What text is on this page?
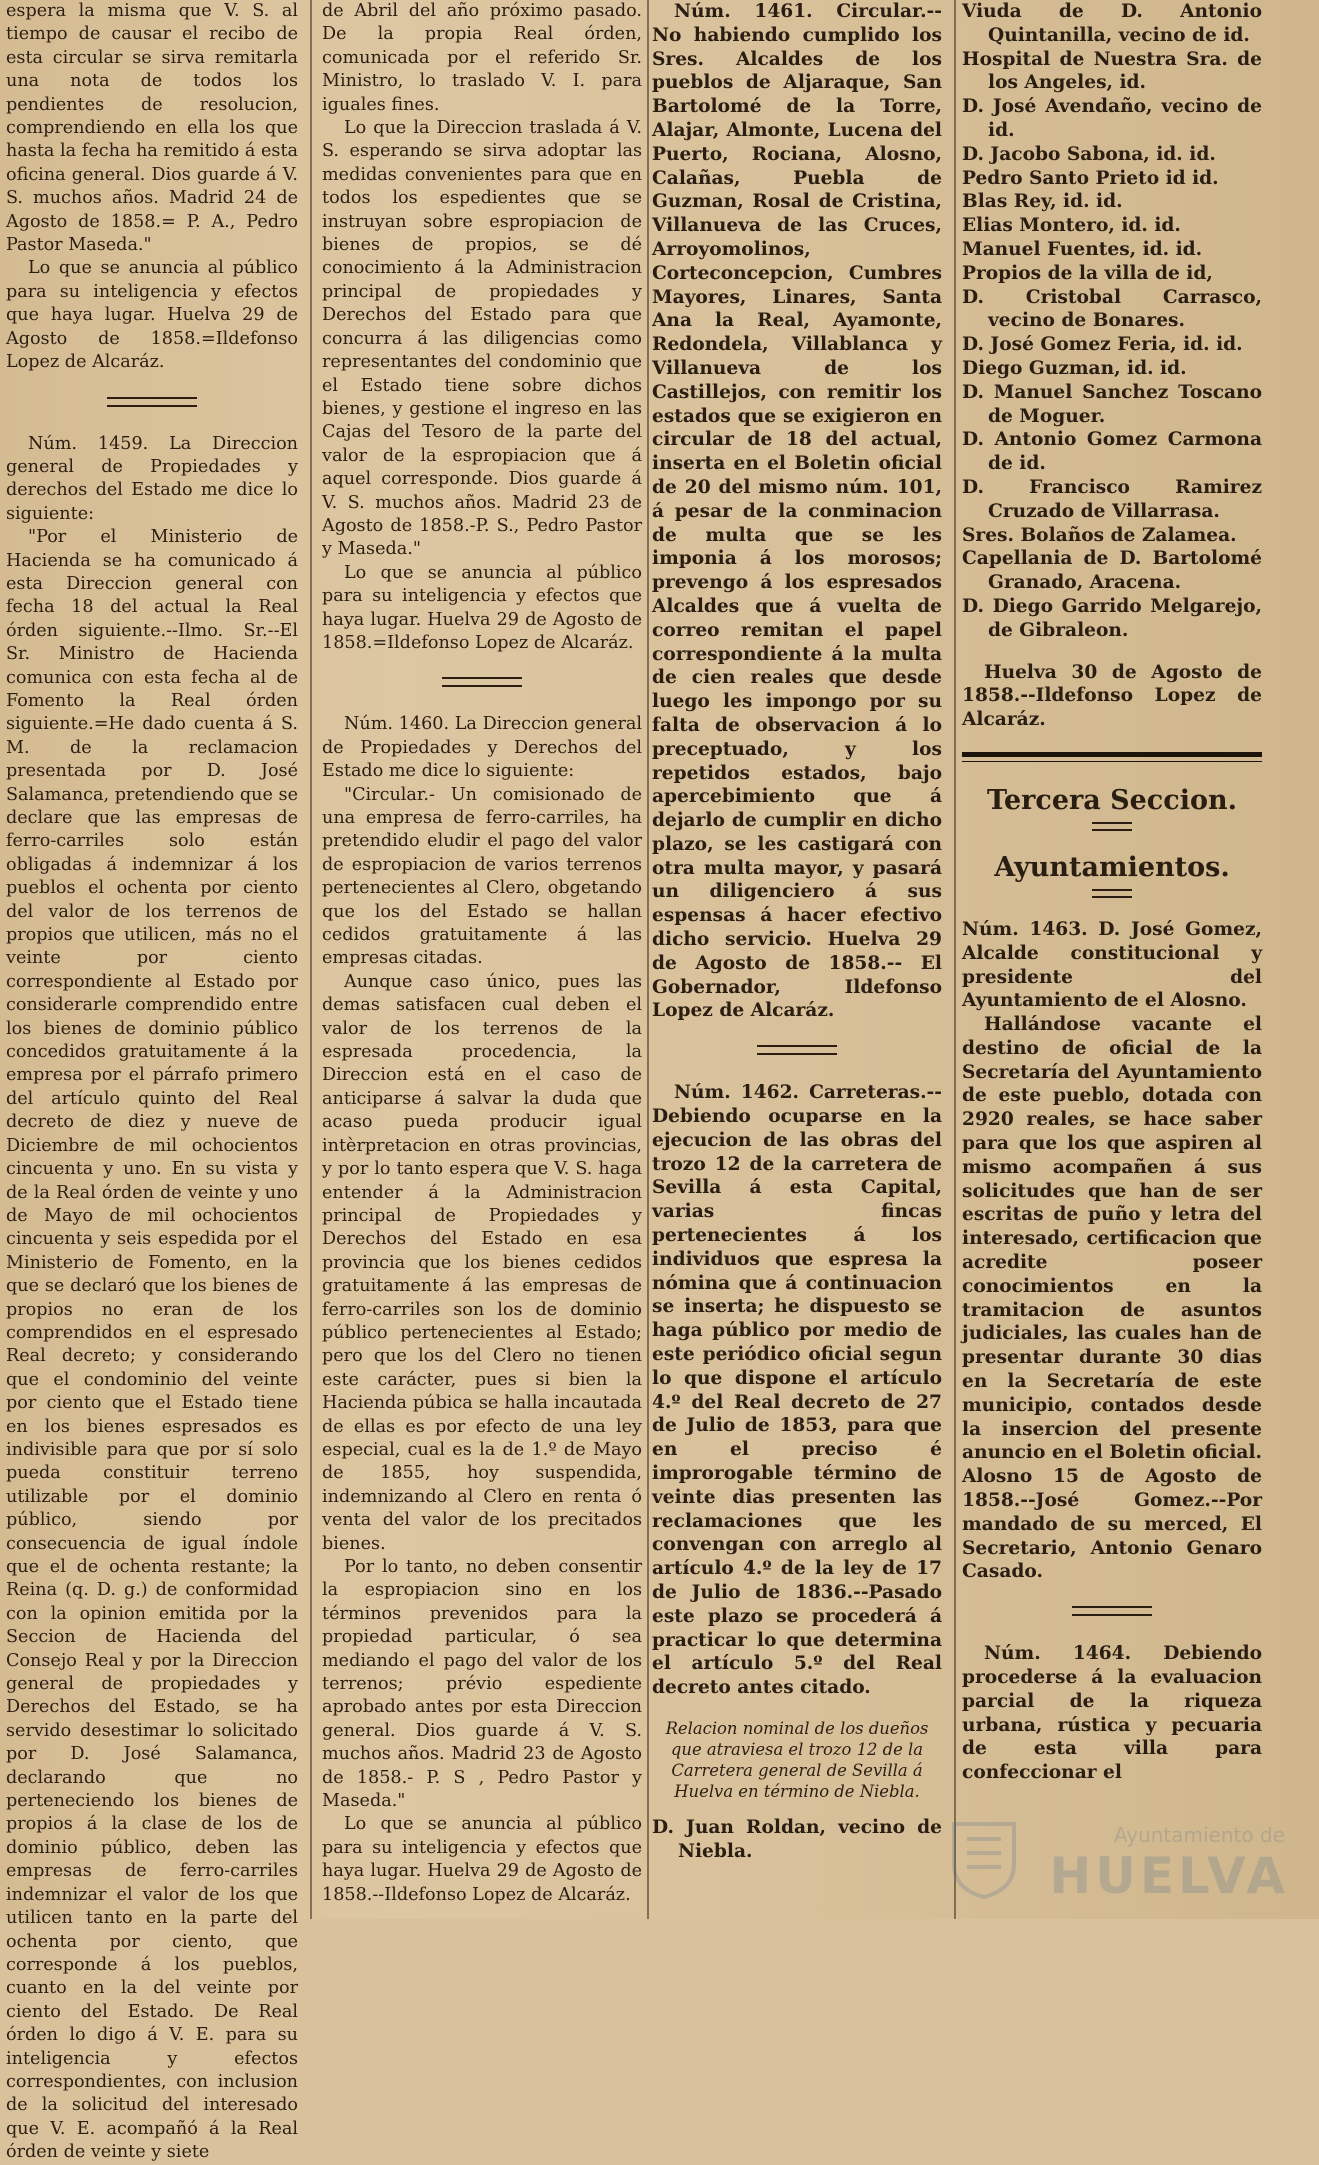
espera la misma que V. S. al tiempo de causar el recibo de esta circular se sirva remitarla una nota de todos los pendientes de resolucion, comprendiendo en ella los que hasta la fecha ha remitido á esta oficina general. Dios guarde á V. S. muchos años. Madrid 24 de Agosto de 1858.= P. A., Pedro Pastor Maseda."

Lo que se anuncia al público para su inteligencia y efectos que haya lugar. Huelva 29 de Agosto de 1858.=Ildefonso Lopez de Alcaráz.

Núm. 1459. La Direccion general de Propiedades y derechos del Estado me dice lo siguiente:

"Por el Ministerio de Hacienda se ha comunicado á esta Direccion general con fecha 18 del actual la Real órden siguiente.--Ilmo. Sr.--El Sr. Ministro de Hacienda comunica con esta fecha al de Fomento la Real órden siguiente.=He dado cuenta á S. M. de la reclamacion presentada por D. José Salamanca, pretendiendo que se declare que las empresas de ferro-carriles solo están obligadas á indemnizar á los pueblos el ochenta por ciento del valor de los terrenos de propios que utilicen, más no el veinte por ciento correspondiente al Estado por considerarle comprendido entre los bienes de dominio público concedidos gratuitamente á la empresa por el párrafo primero del artículo quinto del Real decreto de diez y nueve de Diciembre de mil ochocientos cincuenta y uno. En su vista y de la Real órden de veinte y uno de Mayo de mil ochocientos cincuenta y seis espedida por el Ministerio de Fomento, en la que se declaró que los bienes de propios no eran de los comprendidos en el espresado Real decreto; y considerando que el condominio del veinte por ciento que el Estado tiene en los bienes espresados es indivisible para que por sí solo pueda constituir terreno utilizable por el dominio público, siendo por consecuencia de igual índole que el de ochenta restante; la Reina (q. D. g.) de conformidad con la opinion emitida por la Seccion de Hacienda del Consejo Real y por la Direccion general de propiedades y Derechos del Estado, se ha servido desestimar lo solicitado por D. José Salamanca, declarando que no perteneciendo los bienes de propios á la clase de los de dominio público, deben las empresas de ferro-carriles indemnizar el valor de los que utilicen tanto en la parte del ochenta por ciento, que corresponde á los pueblos, cuanto en la del veinte por ciento del Estado. De Real órden lo digo á V. E. para su inteligencia y efectos correspondientes, con inclusion de la solicitud del interesado que V. E. acompañó á la Real órden de veinte y siete

de Abril del año próximo pasado. De la propia Real órden, comunicada por el referido Sr. Ministro, lo traslado V. I. para iguales fines.

Lo que la Direccion traslada á V. S. esperando se sirva adoptar las medidas convenientes para que en todos los espedientes que se instruyan sobre espropiacion de bienes de propios, se dé conocimiento á la Administracion principal de propiedades y Derechos del Estado para que concurra á las diligencias como representantes del condominio que el Estado tiene sobre dichos bienes, y gestione el ingreso en las Cajas del Tesoro de la parte del valor de la espropiacion que á aquel corresponde. Dios guarde á V. S. muchos años. Madrid 23 de Agosto de 1858.-P. S., Pedro Pastor y Maseda."

Lo que se anuncia al público para su inteligencia y efectos que haya lugar. Huelva 29 de Agosto de 1858.=Ildefonso Lopez de Alcaráz.

Núm. 1460. La Direccion general de Propiedades y Derechos del Estado me dice lo siguiente:

"Circular.- Un comisionado de una empresa de ferro-carriles, ha pretendido eludir el pago del valor de espropiacion de varios terrenos pertenecientes al Clero, obgetando que los del Estado se hallan cedidos gratuitamente á las empresas citadas.

Aunque caso único, pues las demas satisfacen cual deben el valor de los terrenos de la espresada procedencia, la Direccion está en el caso de anticiparse á salvar la duda que acaso pueda producir igual intèrpretacion en otras provincias, y por lo tanto espera que V. S. haga entender á la Administracion principal de Propiedades y Derechos del Estado en esa provincia que los bienes cedidos gratuitamente á las empresas de ferro-carriles son los de dominio público pertenecientes al Estado; pero que los del Clero no tienen este carácter, pues si bien la Hacienda púbica se halla incautada de ellas es por efecto de una ley especial, cual es la de 1.º de Mayo de 1855, hoy suspendida, indemnizando al Clero en renta ó venta del valor de los precitados bienes.

Por lo tanto, no deben consentir la espropiacion sino en los términos prevenidos para la propiedad particular, ó sea mediando el pago del valor de los terrenos; prévio espediente aprobado antes por esta Direccion general. Dios guarde á V. S. muchos años. Madrid 23 de Agosto de 1858.- P. S , Pedro Pastor y Maseda."

Lo que se anuncia al público para su inteligencia y efectos que haya lugar. Huelva 29 de Agosto de 1858.--Ildefonso Lopez de Alcaráz.

Núm. 1461. Circular.-- No habiendo cumplido los Sres. Alcaldes de los pueblos de Aljaraque, San Bartolomé de la Torre, Alajar, Almonte, Lucena del Puerto, Rociana, Alosno, Calañas, Puebla de Guzman, Rosal de Cristina, Villanueva de las Cruces, Arroyomolinos, Corteconcepcion, Cumbres Mayores, Linares, Santa Ana la Real, Ayamonte, Redondela, Villablanca y Villanueva de los Castillejos, con remitir los estados que se exigieron en circular de 18 del actual, inserta en el Boletin oficial de 20 del mismo núm. 101, á pesar de la conminacion de multa que se les imponia á los morosos; prevengo á los espresados Alcaldes que á vuelta de correo remitan el papel correspondiente á la multa de cien reales que desde luego les impongo por su falta de observacion á lo preceptuado, y los repetidos estados, bajo apercebimiento que á dejarlo de cumplir en dicho plazo, se les castigará con otra multa mayor, y pasará un diligenciero á sus espensas á hacer efectivo dicho servicio. Huelva 29 de Agosto de 1858.-- El Gobernador, Ildefonso Lopez de Alcaráz.

Núm. 1462. Carreteras.--Debiendo ocuparse en la ejecucion de las obras del trozo 12 de la carretera de Sevilla á esta Capital, varias fincas pertenecientes á los individuos que espresa la nómina que á continuacion se inserta; he dispuesto se haga público por medio de este periódico oficial segun lo que dispone el artículo 4.º del Real decreto de 27 de Julio de 1853, para que en el preciso é improrogable término de veinte dias presenten las reclamaciones que les convengan con arreglo al artículo 4.º de la ley de 17 de Julio de 1836.--Pasado este plazo se procederá á practicar lo que determina el artículo 5.º del Real decreto antes citado.

Relacion nominal de los dueños que atraviesa el trozo 12 de la Carretera general de Sevilla á Huelva en término de Niebla.

D. Juan Roldan, vecino de Niebla.

Viuda de D. Antonio Quintanilla, vecino de id.

Hospital de Nuestra Sra. de los Angeles, id.

D. José Avendaño, vecino de id.

D. Jacobo Sabona, id. id.

Pedro Santo Prieto id id.

Blas Rey, id. id.

Elias Montero, id. id.

Manuel Fuentes, id. id.

Propios de la villa de id,

D. Cristobal Carrasco, vecino de Bonares.

D. José Gomez Feria, id. id.

Diego Guzman, id. id.

D. Manuel Sanchez Toscano de Moguer.

D. Antonio Gomez Carmona de id.

D. Francisco Ramirez Cruzado de Villarrasa.

Sres. Bolaños de Zalamea.

Capellania de D. Bartolomé Granado, Aracena.

D. Diego Garrido Melgarejo, de Gibraleon.

Huelva 30 de Agosto de 1858.--Ildefonso Lopez de Alcaráz.

Tercera Seccion.
Ayuntamientos.

Núm. 1463. D. José Gomez, Alcalde constitucional y presidente del Ayuntamiento de el Alosno.

Hallándose vacante el destino de oficial de la Secretaría del Ayuntamiento de este pueblo, dotada con 2920 reales, se hace saber para que los que aspiren al mismo acompañen á sus solicitudes que han de ser escritas de puño y letra del interesado, certificacion que acredite poseer conocimientos en la tramitacion de asuntos judiciales, las cuales han de presentar durante 30 dias en la Secretaría de este municipio, contados desde la insercion del presente anuncio en el Boletin oficial. Alosno 15 de Agosto de 1858.--José Gomez.--Por mandado de su merced, El Secretario, Antonio Genaro Casado.

Núm. 1464. Debiendo procederse á la evaluacion parcial de la riqueza urbana, rústica y pecuaria de esta villa para confeccionar el

Ayuntamiento de
HUELVA
